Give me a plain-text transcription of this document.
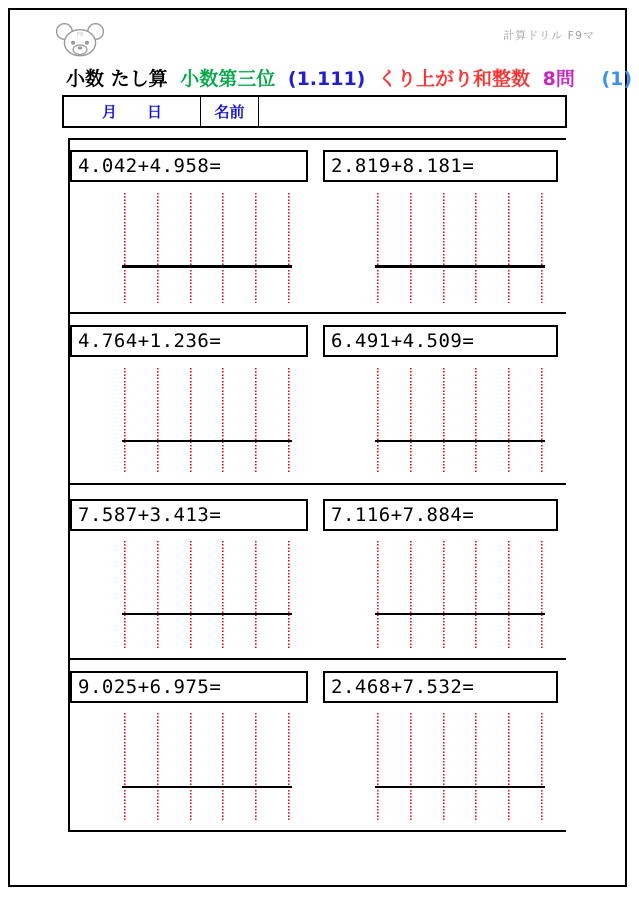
F9	計算ドリル F9マ
小数 たし算 小数第三位 (1.111) くり上がり和整数 8問 (1)
月 日	名前
4.042+4.958=	2.819+8.181=
4.764+1.236=	6.491+4.509=
7.587+3.413=	7.116+7.884=
9.025+6.975=	2.468+7.532=
